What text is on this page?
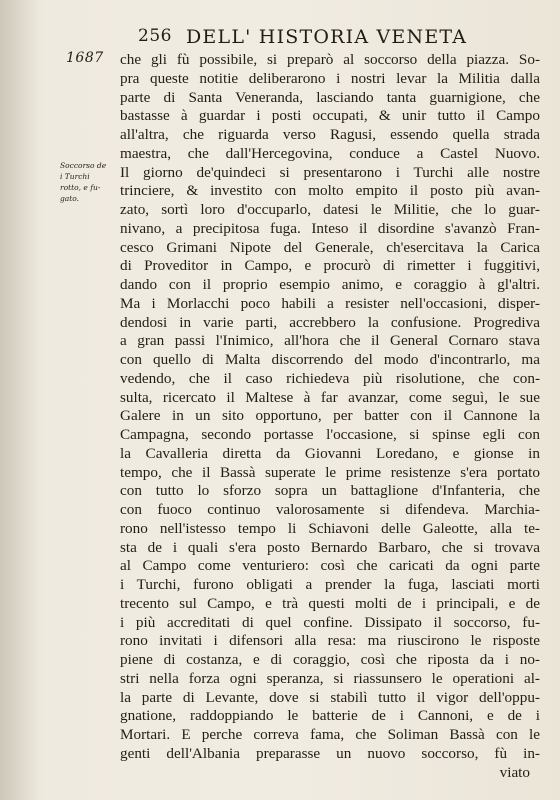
256 DELL' HISTORIA VENETA
1687
Soccorso de
i Turchi
rotto, e fu-
gato.
che gli fù possibile, si preparò al soccorso della piazza. So-
pra queste notitie deliberarono i nostri levar la Militia dalla
parte di Santa Veneranda, lasciando tanta guarnigione, che
bastasse à guardar i posti occupati, & unir tutto il Campo
all'altra, che riguarda verso Ragusi, essendo quella strada
maestra, che dall'Hercegovina, conduce a Castel Nuovo.
Il giorno de'quindeci si presentarono i Turchi alle nostre
trinciere, & investito con molto empito il posto più avan-
zato, sortì loro d'occuparlo, datesi le Militie, che lo guar-
nivano, a precipitosa fuga. Inteso il disordine s'avanzò Fran-
cesco Grimani Nipote del Generale, ch'esercitava la Carica
di Proveditor in Campo, e procurò di rimetter i fuggitivi,
dando con il proprio esempio animo, e coraggio à gl'altri.
Ma i Morlacchi poco habili a resister nell'occasioni, disper-
dendosi in varie parti, accrebbero la confusione. Progrediva
a gran passi l'Inimico, all'hora che il General Cornaro stava
con quello di Malta discorrendo del modo d'incontrarlo, ma
vedendo, che il caso richiedeva più risolutione, che con-
sulta, ricercato il Maltese à far avanzar, come seguì, le sue
Galere in un sito opportuno, per batter con il Cannone la
Campagna, secondo portasse l'occasione, si spinse egli con
la Cavalleria diretta da Giovanni Loredano, e gionse in
tempo, che il Bassà superate le prime resistenze s'era portato
con tutto lo sforzo sopra un battaglione d'Infanteria, che
con fuoco continuo valorosamente si difendeva. Marchia-
rono nell'istesso tempo li Schiavoni delle Galeotte, alla te-
sta de i quali s'era posto Bernardo Barbaro, che si trovava
al Campo come venturiero: così che caricati da ogni parte
i Turchi, furono obligati a prender la fuga, lasciati morti
trecento sul Campo, e trà questi molti de i principali, e de
i più accreditati di quel confine. Dissipato il soccorso, fu-
rono invitati i difensori alla resa: ma riuscirono le risposte
piene di costanza, e di coraggio, così che riposta da i no-
stri nella forza ogni speranza, si riassunsero le operationi al-
la parte di Levante, dove si stabilì tutto il vigor dell'oppu-
gnatione, raddoppiando le batterie de i Cannoni, e de i
Mortari. E perche correva fama, che Soliman Bassà con le
genti dell'Albania preparasse un nuovo soccorso, fù in-
viato
